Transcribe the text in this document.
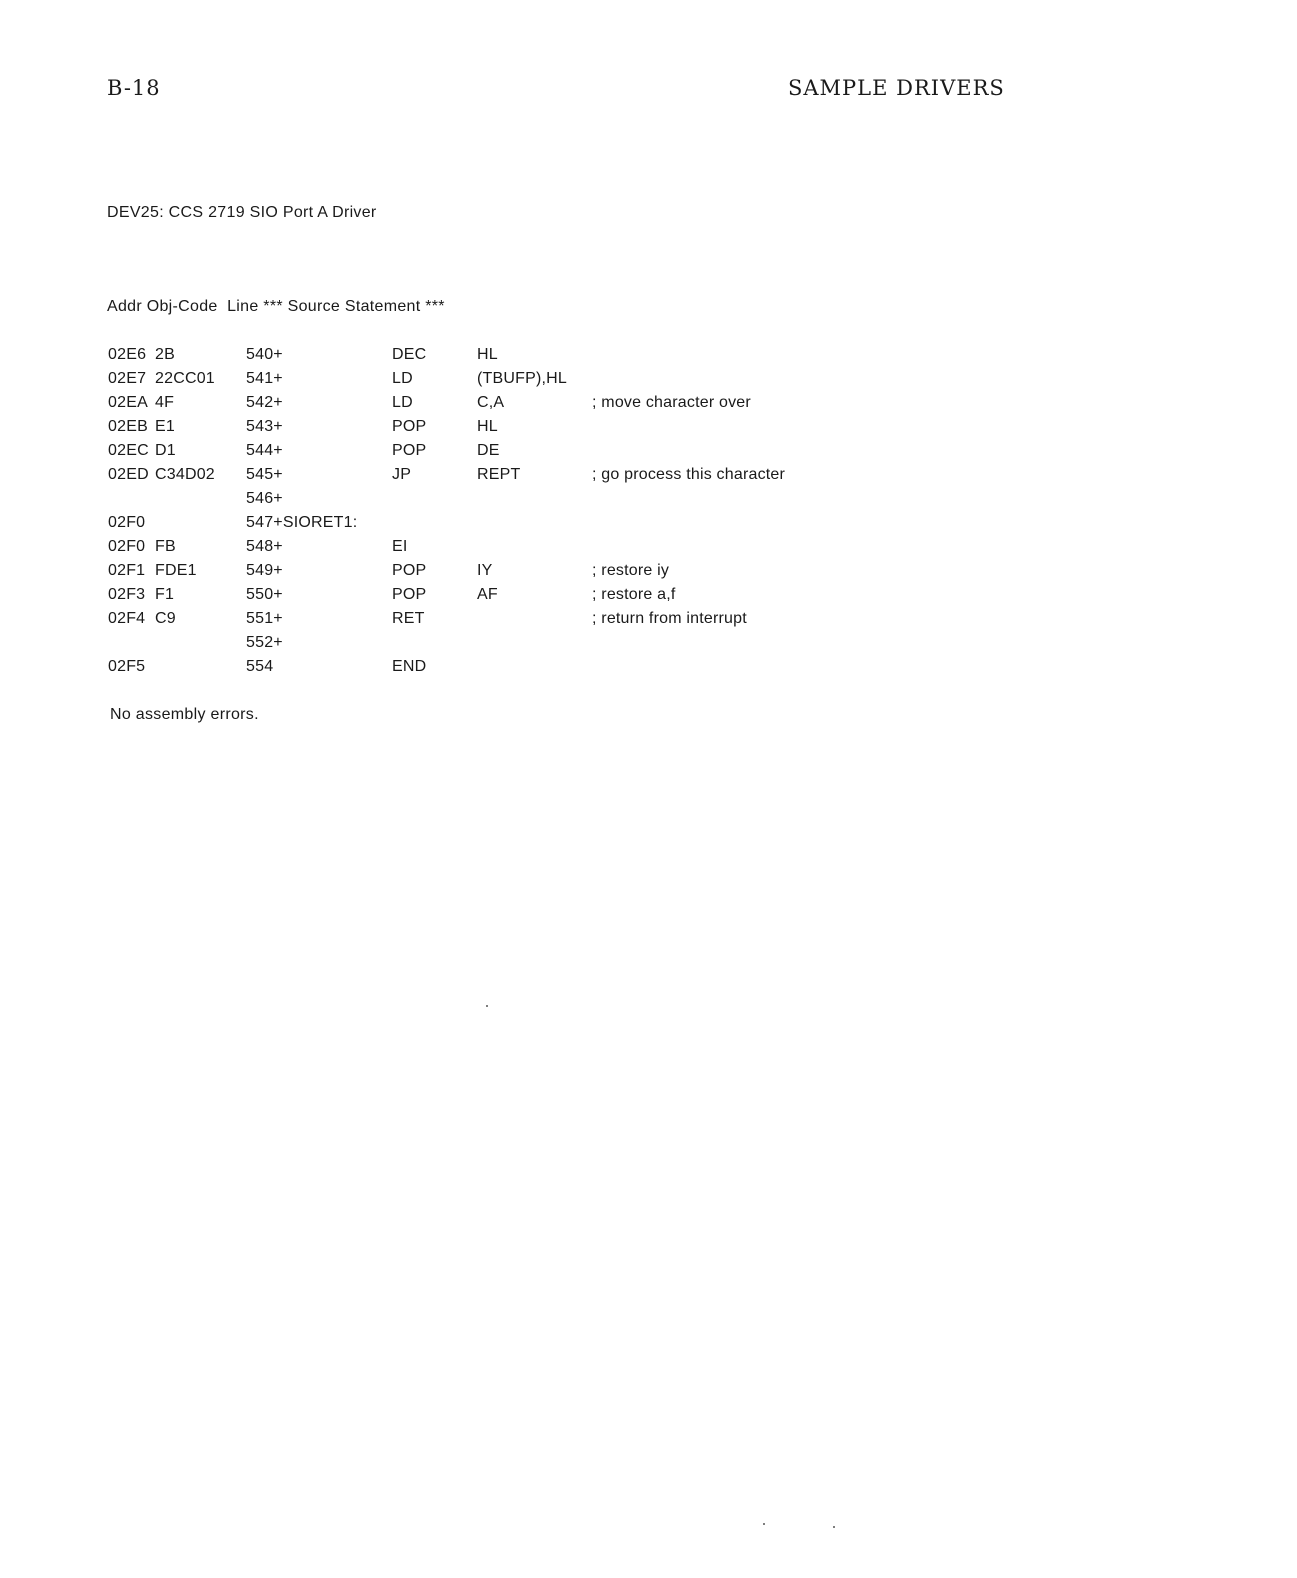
B-18	SAMPLE DRIVERS
DEV25: CCS 2719 SIO Port A Driver
Addr Obj-Code  Line *** Source Statement ***
02E6 2B	540+	DEC	HL
02E7 22CC01 541+	LD	(TBUFP),HL
02EA 4F	542+	LD	C,A	; move character over
02EB E1	543+	POP	HL
02EC D1	544+	POP	DE
02ED C34D02 545+	JP	REPT	; go process this character
546+
02F0	547+SIORET1:
02F0 FB	548+	EI
02F1 FDE1	549+	POP	IY	; restore iy
02F3 F1	550+	POP	AF	; restore a,f
02F4 C9	551+	RET	; return from interrupt
552+
02F5	554	END
No assembly errors.
